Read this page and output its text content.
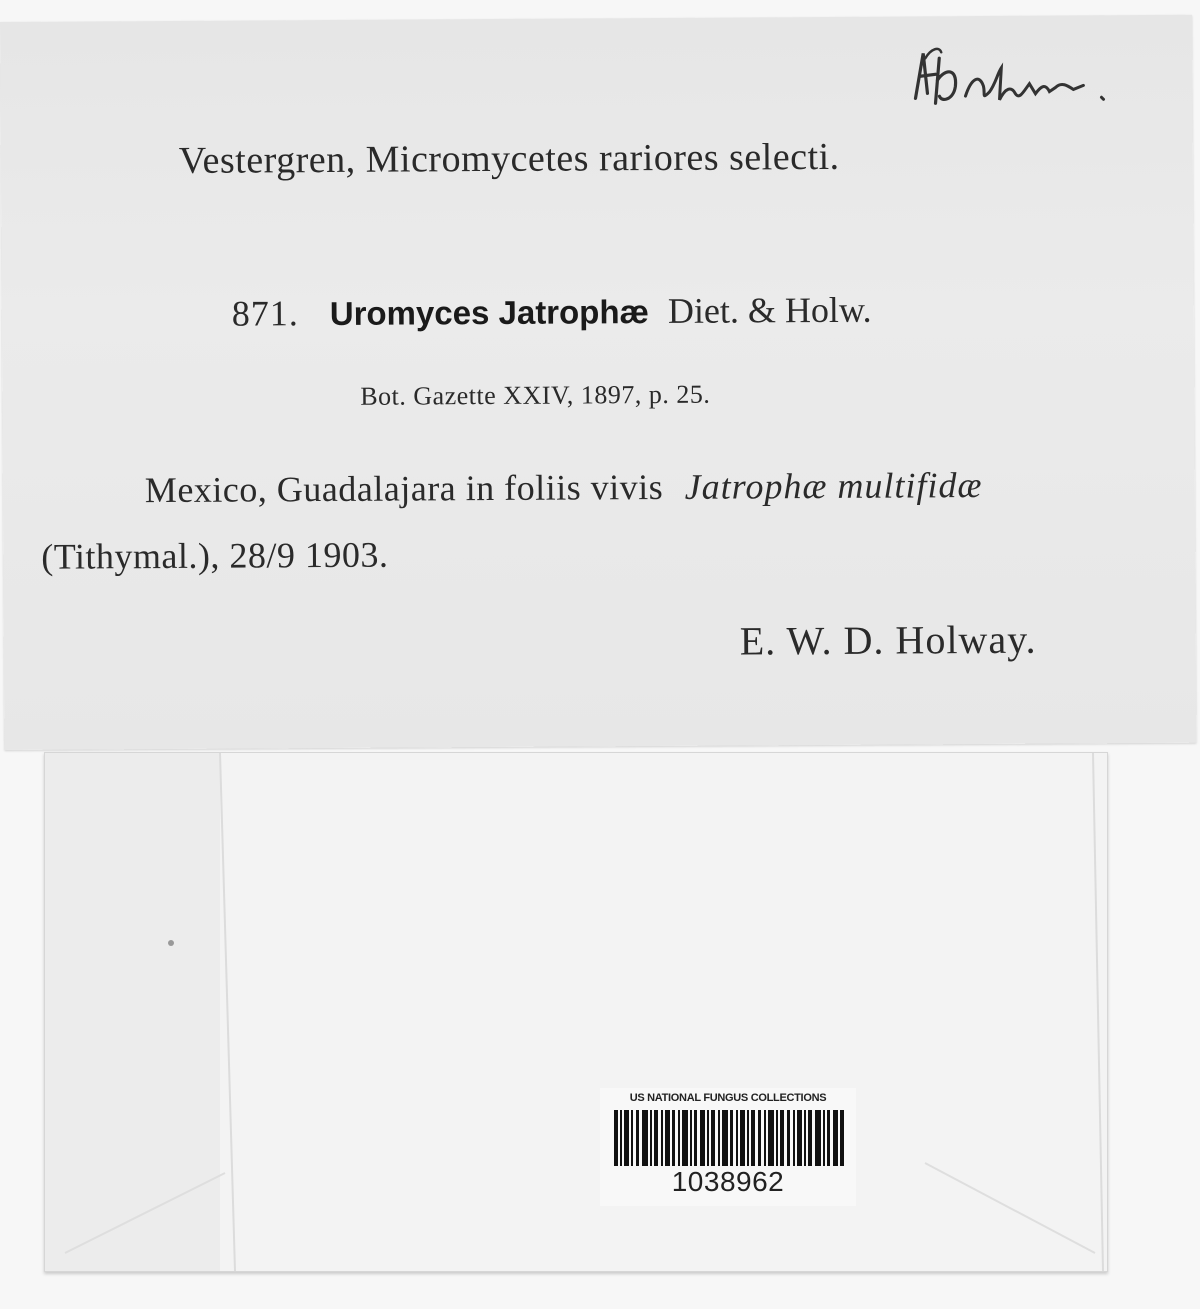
Vestergren, Micromycetes rariores selecti.
871. Uromyces Jatrophæ Diet. & Holw.
Bot. Gazette XXIV, 1897, p. 25.
Mexico, Guadalajara in foliis vivis Jatrophæ multifidæ
(Tithymal.), 28/9 1903.
E. W. D. Holway.
US NATIONAL FUNGUS COLLECTIONS
1038962
